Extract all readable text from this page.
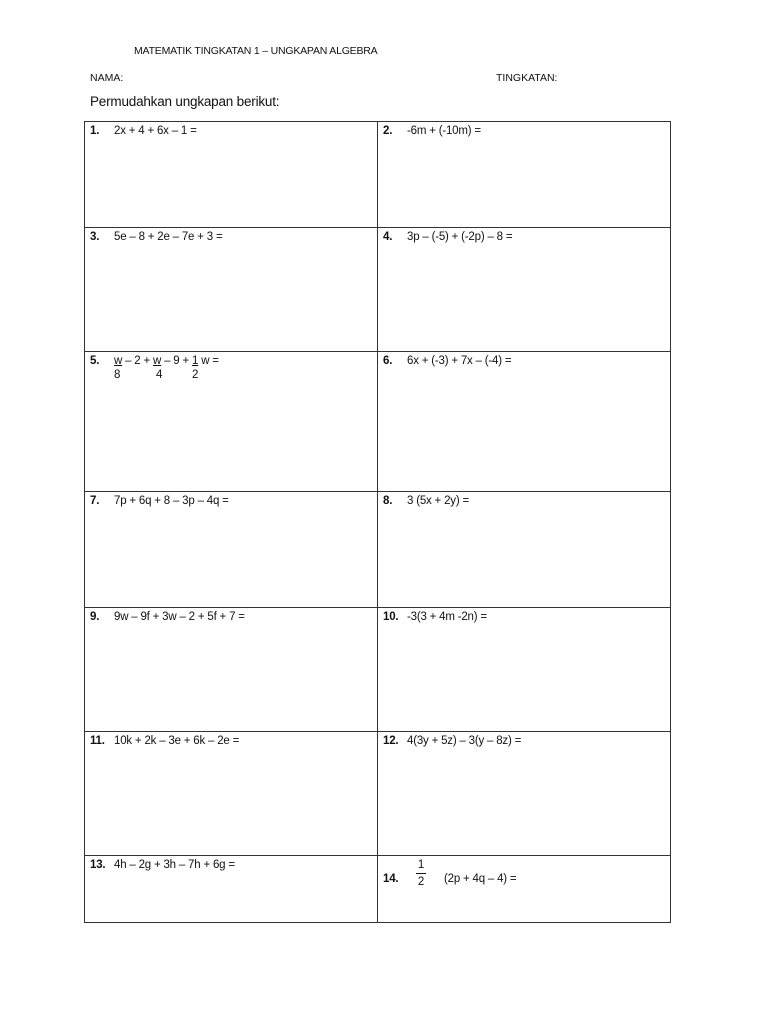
MATEMATIK TINGKATAN 1 – UNGKAPAN ALGEBRA
NAMA:	TINGKATAN:
Permudahkan ungkapan berikut:
1. 2x + 4 + 6x – 1 =	2. -6m + (-10m) =

3. 5e – 8 + 2e – 7e + 3 =	4. 3p – (-5) + (-2p) – 8 =

5. w – 2 + w – 9 + 1 w =
8 4 2	6. 6x + (-3) + 7x – (-4) =

7. 7p + 6q + 8 – 3p – 4q =	8. 3 (5x + 2y) =

9. 9w – 9f + 3w – 2 + 5f + 7 =	10. -3(3 + 4m -2n) =

11. 10k + 2k – 3e + 6k – 2e =	12. 4(3y + 5z) – 3(y – 8z) =

13. 4h – 2g + 3h – 7h + 6g =	14.
1
2 (2p + 4q – 4) =
